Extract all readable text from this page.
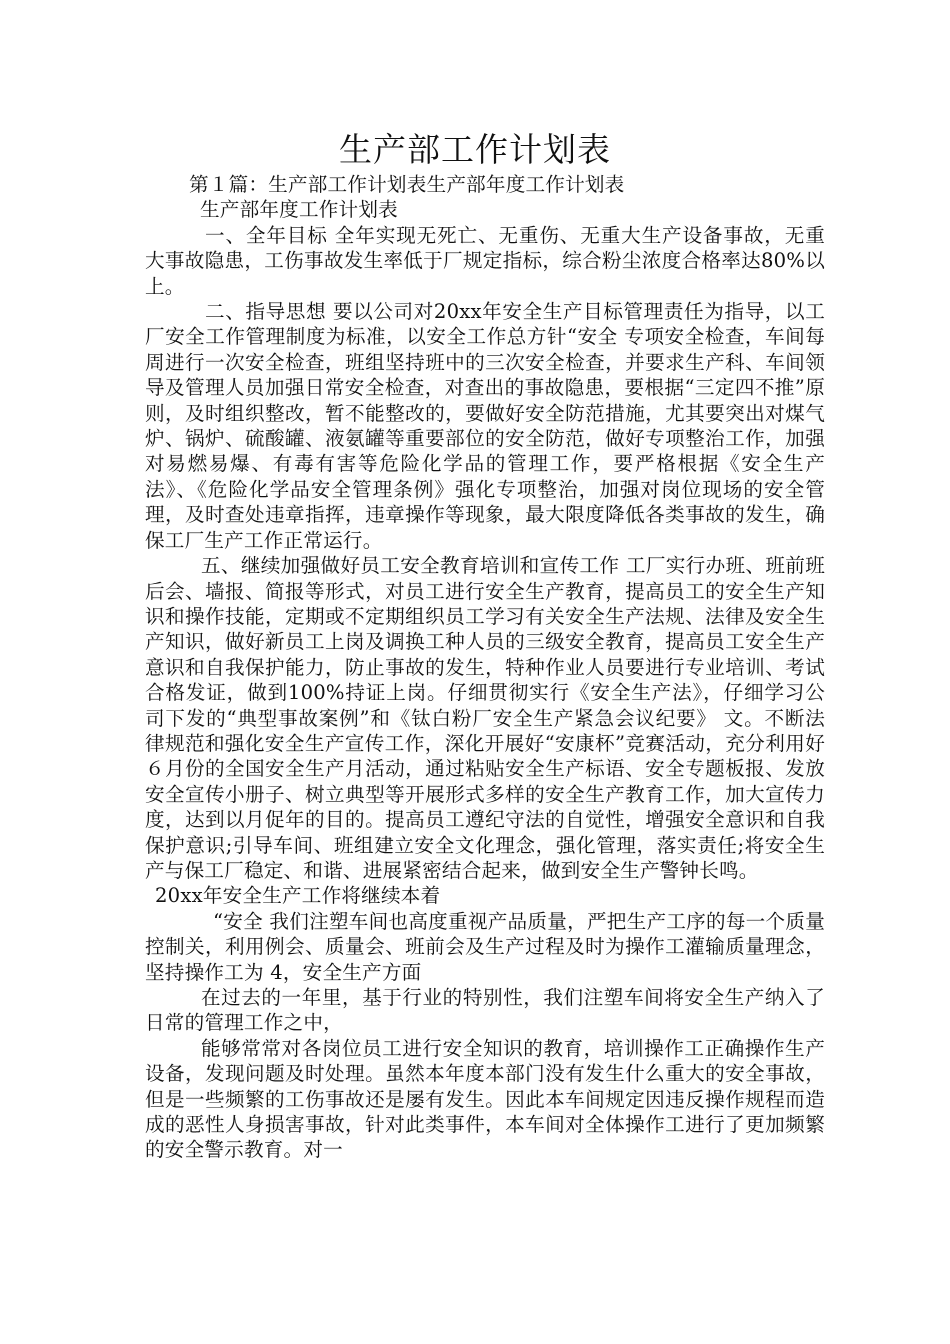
生产部工作计划表

第１篇：生产部工作计划表生产部年度工作计划表

生产部年度工作计划表

一、全年目标 全年实现无死亡、无重伤、无重大生产设备事故，无重大事故隐患，工伤事故发生率低于厂规定指标，综合粉尘浓度合格率达80%以上。

二、指导思想 要以公司对20xx年安全生产目标管理责任为指导，以工厂安全工作管理制度为标准，以安全工作总方针“安全 专项安全检查，车间每周进行一次安全检查，班组坚持班中的三次安全检查，并要求生产科、车间领导及管理人员加强日常安全检查，对查出的事故隐患，要根据“三定四不推”原则，及时组织整改，暂不能整改的，要做好安全防范措施，尤其要突出对煤气炉、锅炉、硫酸罐、液氨罐等重要部位的安全防范，做好专项整治工作，加强对易燃易爆、有毒有害等危险化学品的管理工作，要严格根据《安全生产法》、《危险化学品安全管理条例》强化专项整治，加强对岗位现场的安全管理，及时查处违章指挥，违章操作等现象，最大限度降低各类事故的发生，确保工厂生产工作正常运行。

五、继续加强做好员工安全教育培训和宣传工作 工厂实行办班、班前班后会、墙报、简报等形式，对员工进行安全生产教育，提高员工的安全生产知识和操作技能，定期或不定期组织员工学习有关安全生产法规、法律及安全生产知识，做好新员工上岗及调换工种人员的三级安全教育，提高员工安全生产意识和自我保护能力，防止事故的发生，特种作业人员要进行专业培训、考试合格发证，做到100%持证上岗。仔细贯彻实行《安全生产法》，仔细学习公司下发的“典型事故案例”和《钛白粉厂安全生产紧急会议纪要》 文。不断法律规范和强化安全生产宣传工作，深化开展好“安康杯”竞赛活动，充分利用好６月份的全国安全生产月活动，通过粘贴安全生产标语、安全专题板报、发放安全宣传小册子、树立典型等开展形式多样的安全生产教育工作，加大宣传力度，达到以月促年的目的。提高员工遵纪守法的自觉性，增强安全意识和自我保护意识;引导车间、班组建立安全文化理念，强化管理，落实责任;将安全生产与保工厂稳定、和谐、进展紧密结合起来，做到安全生产警钟长鸣。

20xx年安全生产工作将继续本着

“安全 我们注塑车间也高度重视产品质量，严把生产工序的每一个质量控制关，利用例会、质量会、班前会及生产过程及时为操作工灌输质量理念，坚持操作工为 4，安全生产方面

在过去的一年里，基于行业的特别性，我们注塑车间将安全生产纳入了日常的管理工作之中，

能够常常对各岗位员工进行安全知识的教育，培训操作工正确操作生产设备，发现问题及时处理。虽然本年度本部门没有发生什么重大的安全事故，但是一些频繁的工伤事故还是屡有发生。因此本车间规定因违反操作规程而造成的恶性人身损害事故，针对此类事件，本车间对全体操作工进行了更加频繁的安全警示教育。对一
